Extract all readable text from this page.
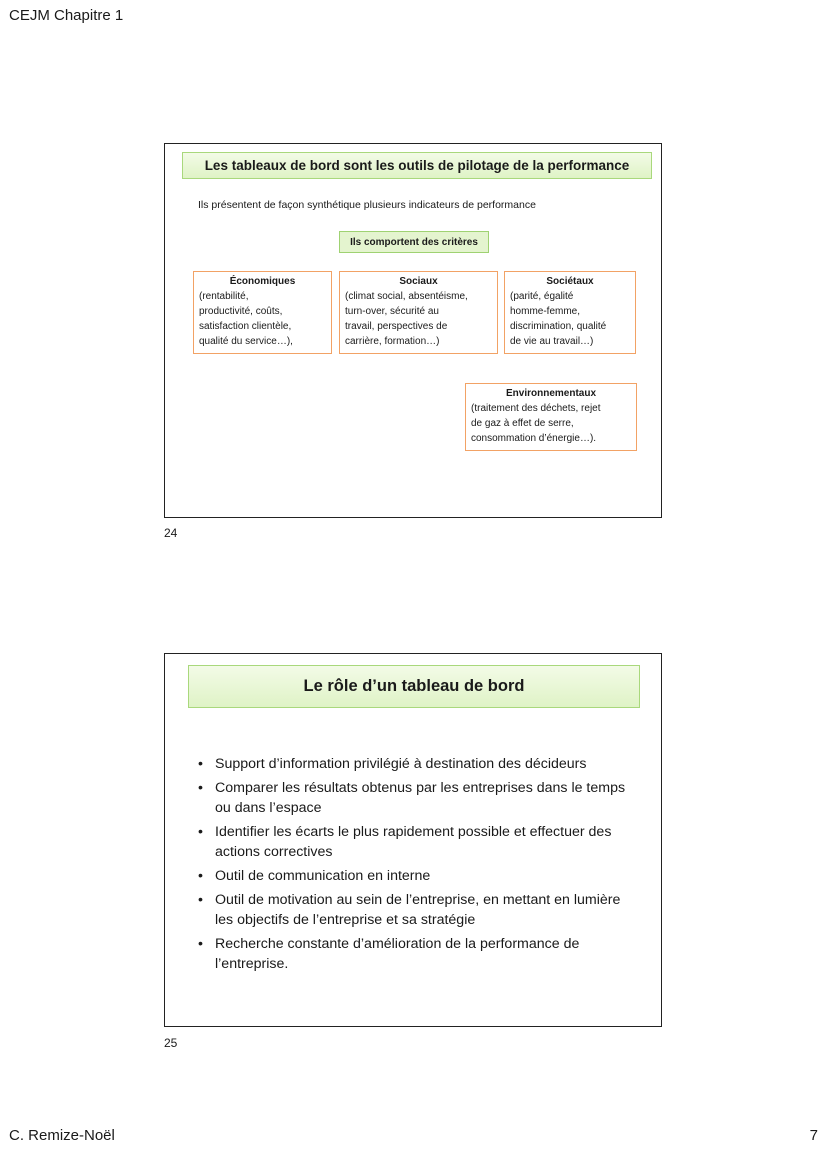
CEJM Chapitre 1
Les tableaux de bord sont les outils de pilotage de la performance
Ils présentent de façon synthétique plusieurs indicateurs de performance
Ils comportent des critères
Économiques
(rentabilité,
productivité, coûts,
satisfaction clientèle,
qualité du service…),
Sociaux
(climat social, absentéisme,
turn-over, sécurité au
travail, perspectives de
carrière, formation…)
Sociétaux
(parité, égalité
homme-femme,
discrimination, qualité
de vie au travail…)
Environnementaux
(traitement des déchets, rejet
de gaz à effet de serre,
consommation d’énergie…).
24
Le rôle d’un tableau de bord
• Support d’information privilégié à destination des décideurs
• Comparer les résultats obtenus par les entreprises dans le temps ou dans l’espace
• Identifier les écarts le plus rapidement possible et effectuer des actions correctives
• Outil de communication en interne
• Outil de motivation au sein de l’entreprise, en mettant en lumière les objectifs de l’entreprise et sa stratégie
• Recherche constante d’amélioration de la performance de l’entreprise.
25
C. Remize-Noël	7
